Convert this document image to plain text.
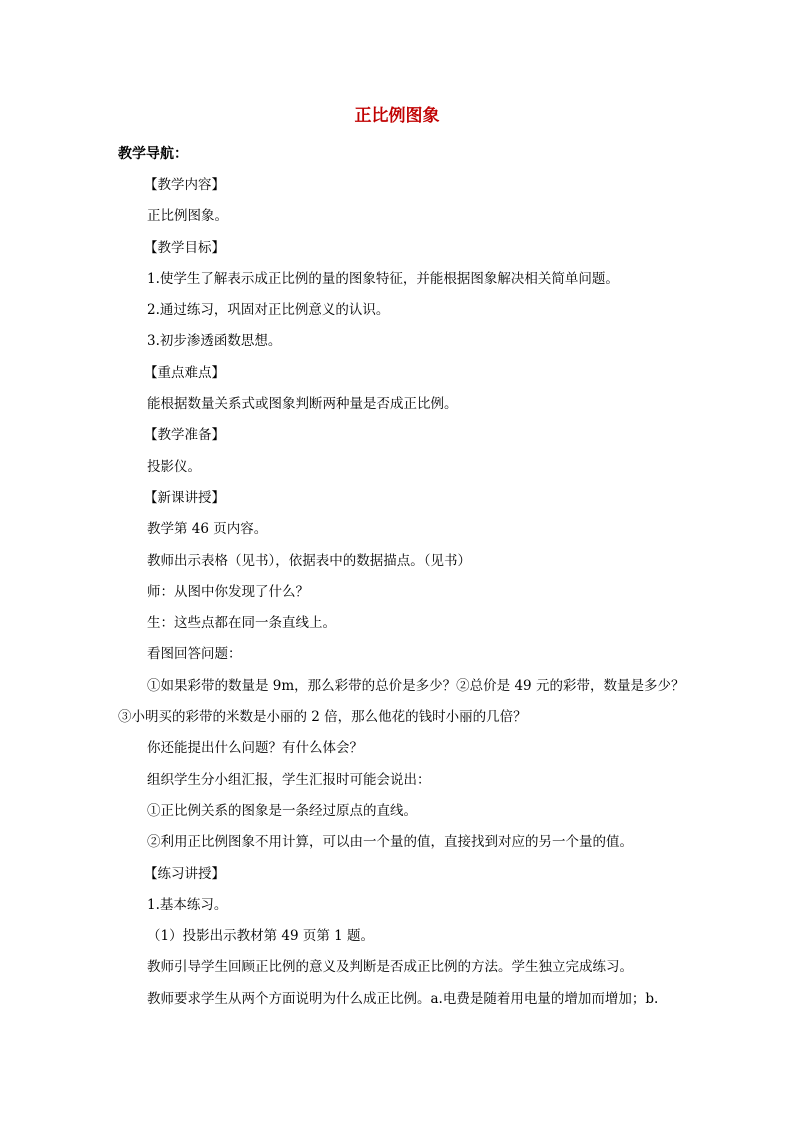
正比例图象
教学导航：
【教学内容】
正比例图象。
【教学目标】
1.使学生了解表示成正比例的量的图象特征，并能根据图象解决相关简单问题。
2.通过练习，巩固对正比例意义的认识。
3.初步渗透函数思想。
【重点难点】
能根据数量关系式或图象判断两种量是否成正比例。
【教学准备】
投影仪。
【新课讲授】
教学第 46 页内容。
教师出示表格（见书），依据表中的数据描点。（见书）
师：从图中你发现了什么？
生：这些点都在同一条直线上。
看图回答问题：
①如果彩带的数量是 9m，那么彩带的总价是多少？②总价是 49 元的彩带，数量是多少？
③小明买的彩带的米数是小丽的 2 倍，那么他花的钱时小丽的几倍？
你还能提出什么问题？有什么体会？
组织学生分小组汇报，学生汇报时可能会说出：
①正比例关系的图象是一条经过原点的直线。
②利用正比例图象不用计算，可以由一个量的值，直接找到对应的另一个量的值。
【练习讲授】
1.基本练习。
（1）投影出示教材第 49 页第 1 题。
教师引导学生回顾正比例的意义及判断是否成正比例的方法。学生独立完成练习。
教师要求学生从两个方面说明为什么成正比例。a.电费是随着用电量的增加而增加；b.
